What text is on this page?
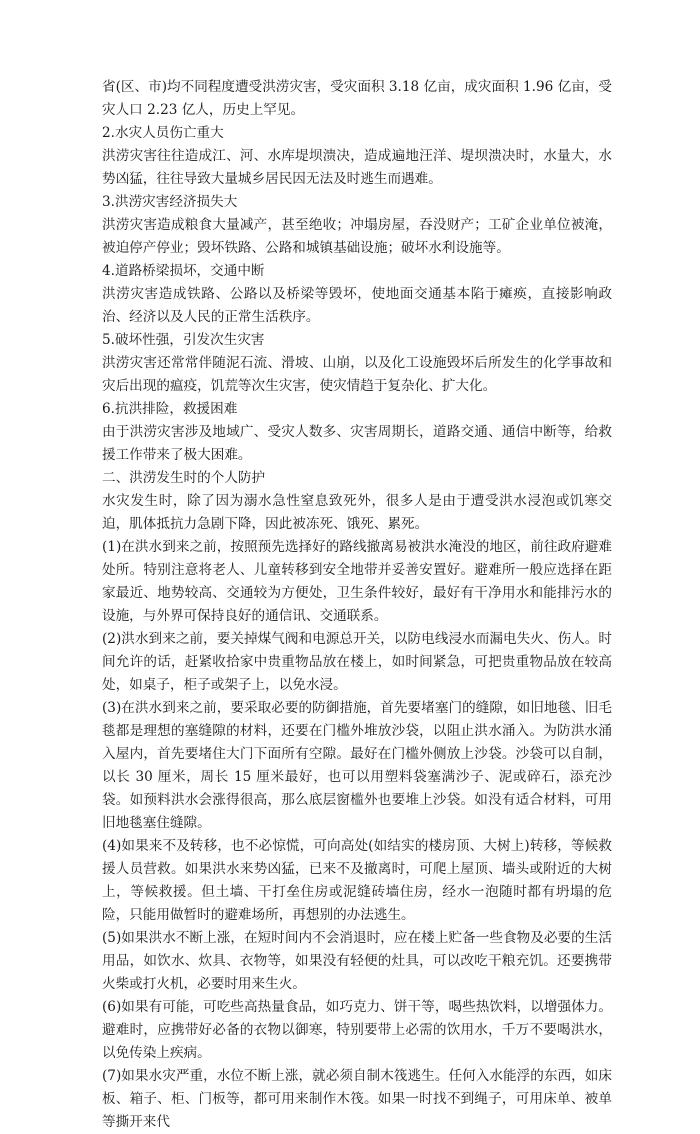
省(区、市)均不同程度遭受洪涝灾害，受灾面积 3.18 亿亩，成灾面积 1.96 亿亩，受灾人口 2.23 亿人，历史上罕见。

2.水灾人员伤亡重大

洪涝灾害往往造成江、河、水库堤坝溃决，造成遍地汪洋、堤坝溃决时，水量大，水势凶猛，往往导致大量城乡居民因无法及时逃生而遇难。

3.洪涝灾害经济损失大

洪涝灾害造成粮食大量减产，甚至绝收；冲塌房屋，吞没财产；工矿企业单位被淹，被迫停产停业；毁坏铁路、公路和城镇基础设施；破坏水利设施等。

4.道路桥梁损坏，交通中断

洪涝灾害造成铁路、公路以及桥梁等毁坏，使地面交通基本陷于瘫痪，直接影响政治、经济以及人民的正常生活秩序。

5.破坏性强，引发次生灾害

洪涝灾害还常常伴随泥石流、滑坡、山崩，以及化工设施毁坏后所发生的化学事故和灾后出现的瘟疫，饥荒等次生灾害，使灾情趋于复杂化、扩大化。

6.抗洪排险，救援困难

由于洪涝灾害涉及地域广、受灾人数多、灾害周期长，道路交通、通信中断等，给救援工作带来了极大困难。

二、洪涝发生时的个人防护

水灾发生时，除了因为溺水急性窒息致死外，很多人是由于遭受洪水浸泡或饥寒交迫，肌体抵抗力急剧下降，因此被冻死、饿死、累死。

(1)在洪水到来之前，按照预先选择好的路线撤离易被洪水淹没的地区，前往政府避难处所。特别注意将老人、儿童转移到安全地带并妥善安置好。避难所一般应选择在距家最近、地势较高、交通较为方便处，卫生条件较好，最好有干净用水和能排污水的设施，与外界可保持良好的通信讯、交通联系。

(2)洪水到来之前，要关掉煤气阀和电源总开关，以防电线浸水而漏电失火、伤人。时间允许的话，赶紧收拾家中贵重物品放在楼上，如时间紧急，可把贵重物品放在较高处，如桌子，柜子或架子上，以免水浸。

(3)在洪水到来之前，要采取必要的防御措施，首先要堵塞门的缝隙，如旧地毯、旧毛毯都是理想的塞缝隙的材料，还要在门槛外堆放沙袋，以阻止洪水涌入。为防洪水涌入屋内，首先要堵住大门下面所有空隙。最好在门槛外侧放上沙袋。沙袋可以自制，以长 30 厘米，周长 15 厘米最好，也可以用塑料袋塞满沙子、泥或碎石，添充沙袋。如预料洪水会涨得很高，那么底层窗槛外也要堆上沙袋。如没有适合材料，可用旧地毯塞住缝隙。

(4)如果来不及转移，也不必惊慌，可向高处(如结实的楼房顶、大树上)转移，等候救援人员营救。如果洪水来势凶猛，已来不及撤离时，可爬上屋顶、墙头或附近的大树上，等候救援。但土墙、干打垒住房或泥缝砖墙住房，经水一泡随时都有坍塌的危险，只能用做暂时的避难场所，再想别的办法逃生。

(5)如果洪水不断上涨，在短时间内不会消退时，应在楼上贮备一些食物及必要的生活用品，如饮水、炊具、衣物等，如果没有轻便的灶具，可以改吃干粮充饥。还要携带火柴或打火机，必要时用来生火。

(6)如果有可能，可吃些高热量食品，如巧克力、饼干等，喝些热饮料，以增强体力。避难时，应携带好必备的衣物以御寒，特别要带上必需的饮用水，千万不要喝洪水，以免传染上疾病。

(7)如果水灾严重，水位不断上涨，就必须自制木筏逃生。任何入水能浮的东西，如床板、箱子、柜、门板等，都可用来制作木筏。如果一时找不到绳子，可用床单、被单等撕开来代
